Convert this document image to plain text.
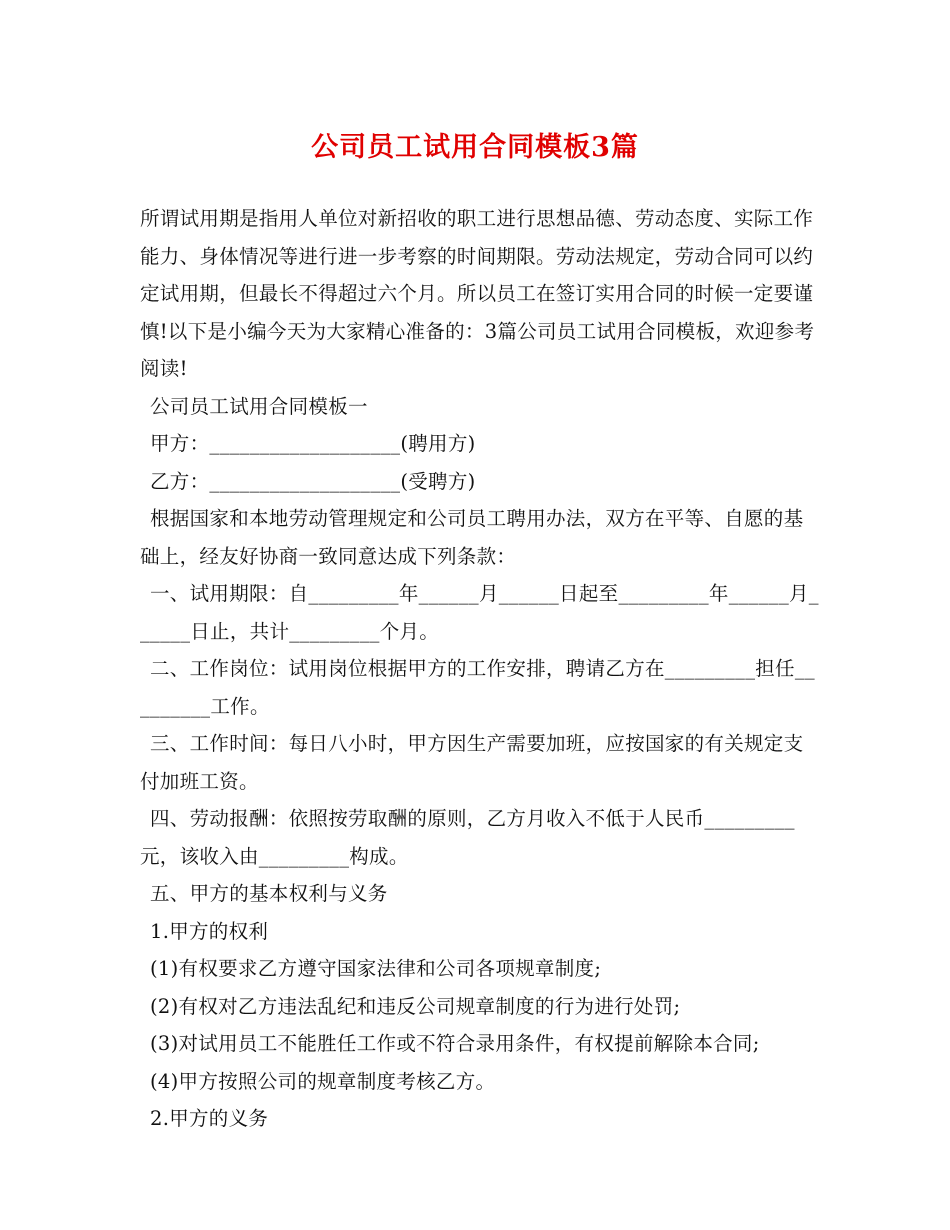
公司员工试用合同模板3篇

所谓试用期是指用人单位对新招收的职工进行思想品德、劳动态度、实际工作能力、身体情况等进行进一步考察的时间期限。劳动法规定，劳动合同可以约定试用期，但最长不得超过六个月。所以员工在签订实用合同的时候一定要谨慎!以下是小编今天为大家精心准备的：3篇公司员工试用合同模板，欢迎参考阅读!

公司员工试用合同模板一

甲方：___________________(聘用方)

乙方：___________________(受聘方)

根据国家和本地劳动管理规定和公司员工聘用办法，双方在平等、自愿的基础上，经友好协商一致同意达成下列条款：

一、试用期限：自_________年______月______日起至_________年______月______日止，共计_________个月。

二、工作岗位：试用岗位根据甲方的工作安排，聘请乙方在_________担任_________工作。

三、工作时间：每日八小时，甲方因生产需要加班，应按国家的有关规定支付加班工资。

四、劳动报酬：依照按劳取酬的原则，乙方月收入不低于人民币_________元，该收入由_________构成。

五、甲方的基本权利与义务

1.甲方的权利

(1)有权要求乙方遵守国家法律和公司各项规章制度;

(2)有权对乙方违法乱纪和违反公司规章制度的行为进行处罚;

(3)对试用员工不能胜任工作或不符合录用条件，有权提前解除本合同;

(4)甲方按照公司的规章制度考核乙方。

2.甲方的义务
